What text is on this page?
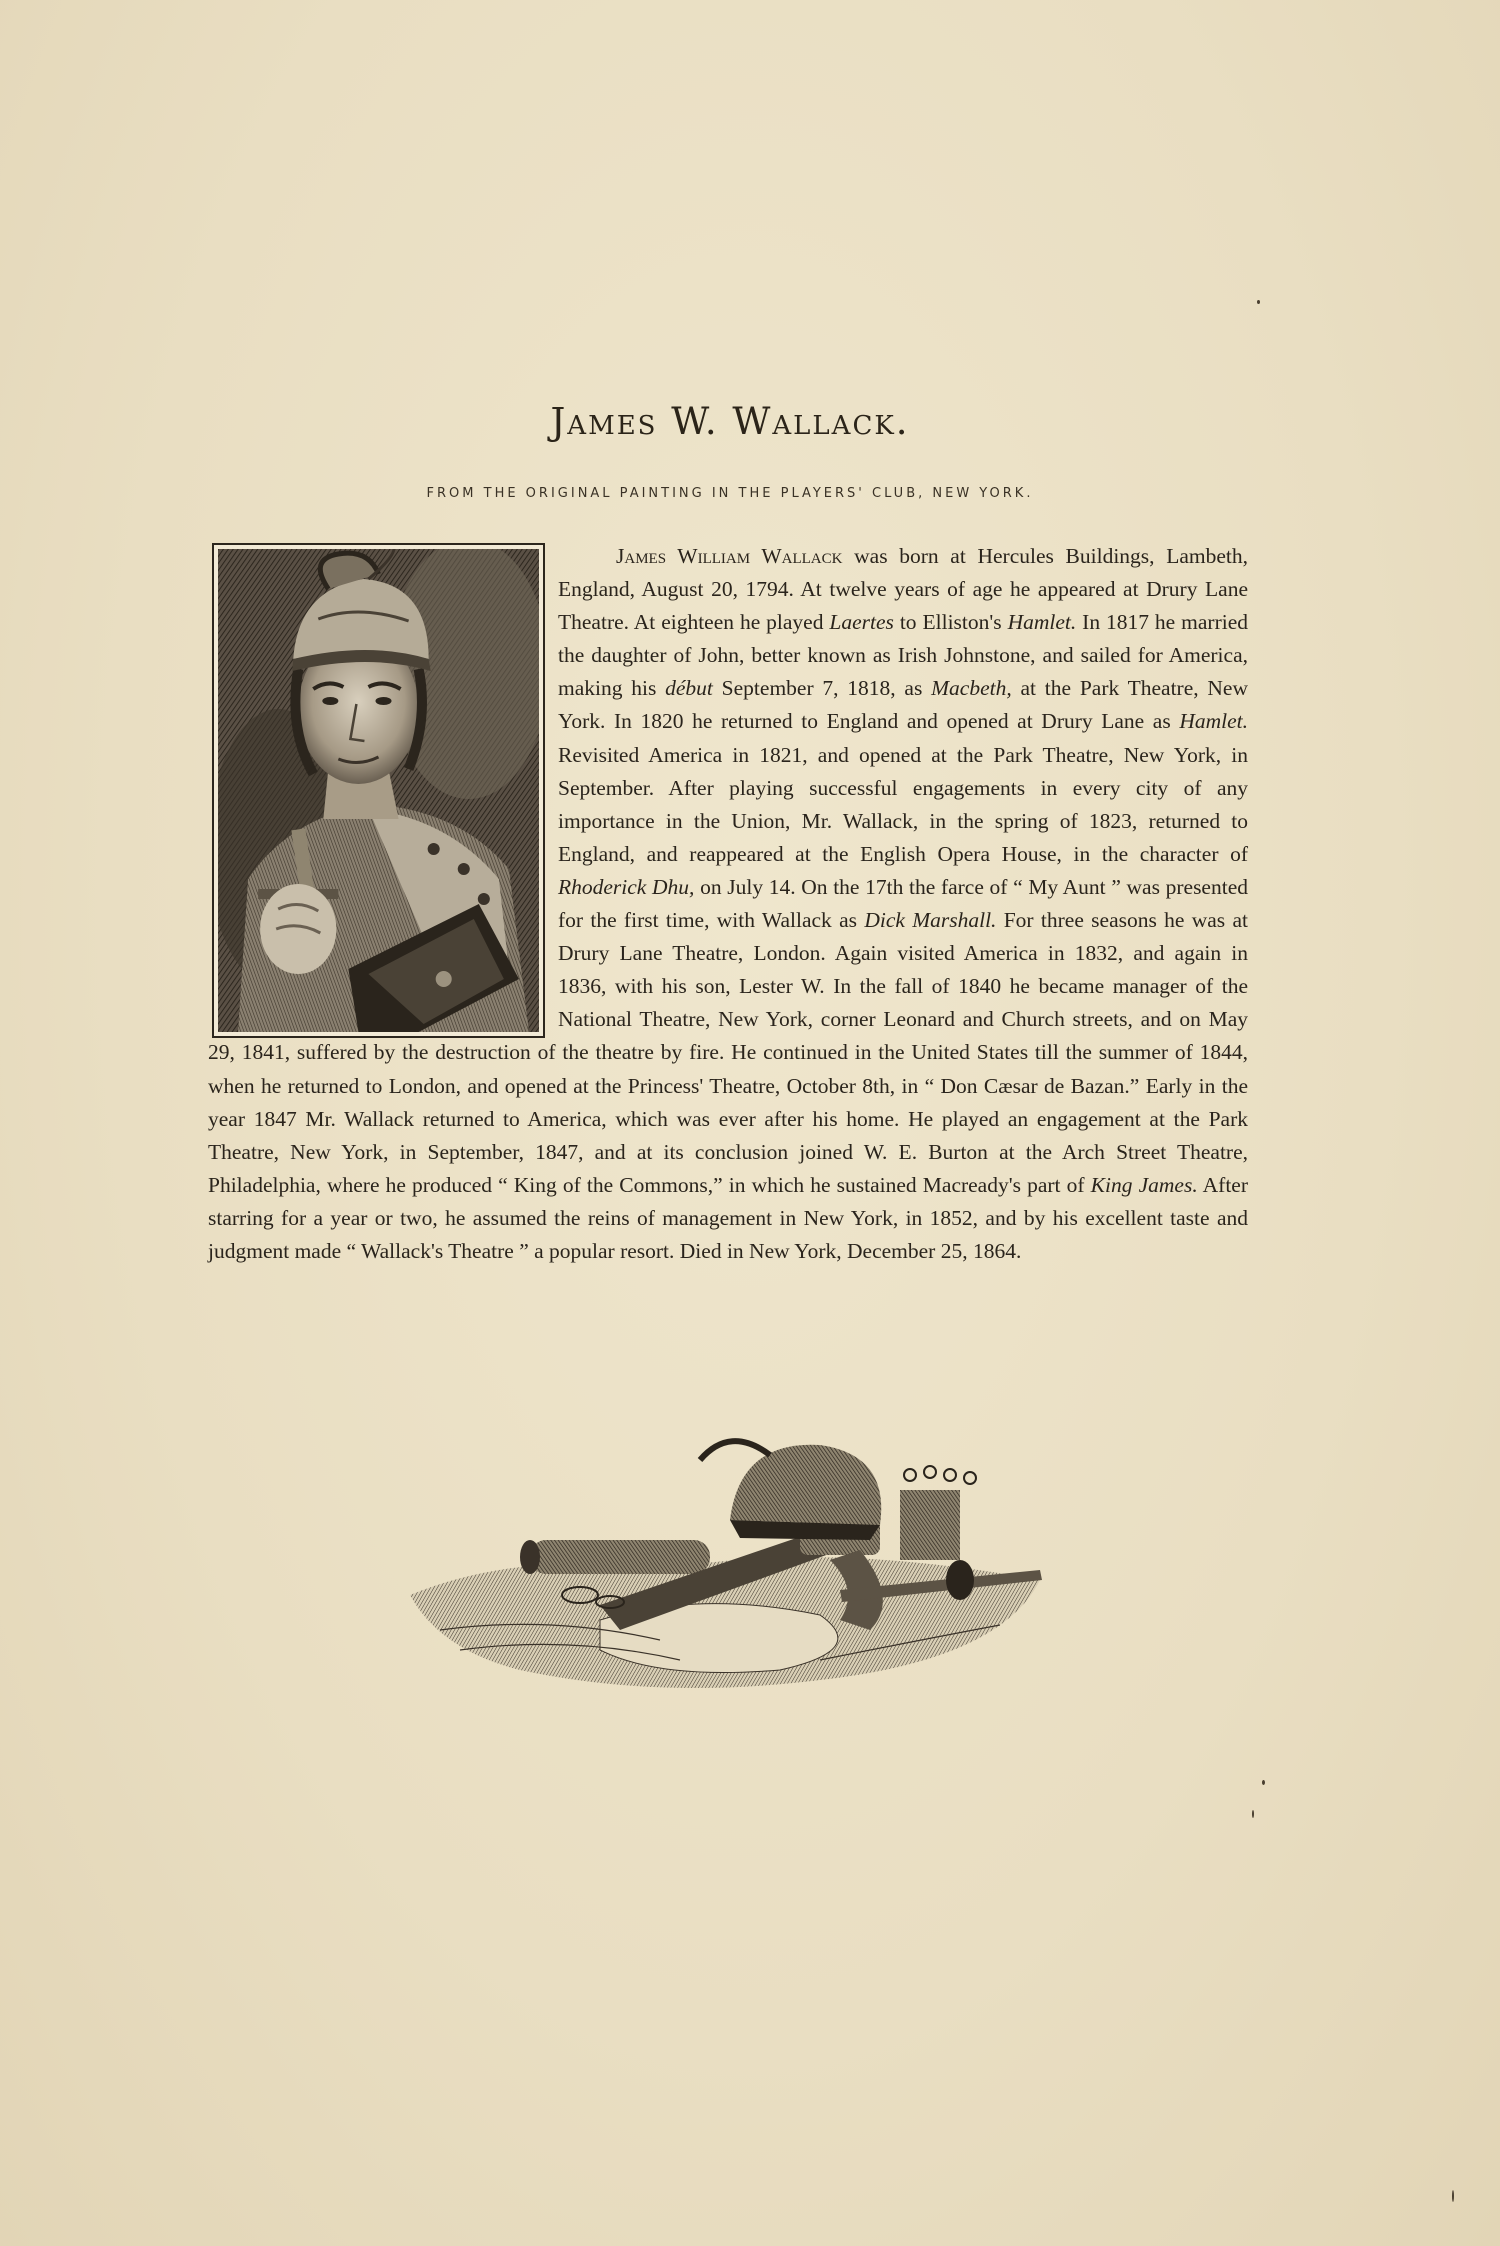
James W. Wallack.
FROM THE ORIGINAL PAINTING IN THE PLAYERS' CLUB, NEW YORK.

James William Wallack was born at Hercules Buildings, Lambeth, England, August 20, 1794. At twelve years of age he appeared at Drury Lane Theatre. At eighteen he played Laertes to Elliston's Hamlet. In 1817 he married the daughter of John, better known as Irish Johnstone, and sailed for America, making his début September 7, 1818, as Macbeth, at the Park Theatre, New York. In 1820 he returned to England and opened at Drury Lane as Hamlet. Revisited America in 1821, and opened at the Park Theatre, New York, in September. After playing successful engagements in every city of any importance in the Union, Mr. Wallack, in the spring of 1823, returned to England, and reappeared at the English Opera House, in the character of Rhoderick Dhu, on July 14. On the 17th the farce of “ My Aunt ” was presented for the first time, with Wallack as Dick Marshall. For three seasons he was at Drury Lane Theatre, London. Again visited America in 1832, and again in 1836, with his son, Lester W. In the fall of 1840 he became manager of the National Theatre, New York, corner Leonard and Church streets, and on May 29, 1841, suffered by the destruction of the theatre by fire. He continued in the United States till the summer of 1844, when he returned to London, and opened at the Princess' Theatre, October 8th, in “ Don Cæsar de Bazan.” Early in the year 1847 Mr. Wallack returned to America, which was ever after his home. He played an engagement at the Park Theatre, New York, in September, 1847, and at its conclusion joined W. E. Burton at the Arch Street Theatre, Philadelphia, where he produced “ King of the Commons,” in which he sustained Macready's part of King James. After starring for a year or two, he assumed the reins of management in New York, in 1852, and by his excellent taste and judgment made “ Wallack's Theatre ” a popular resort. Died in New York, December 25, 1864.
